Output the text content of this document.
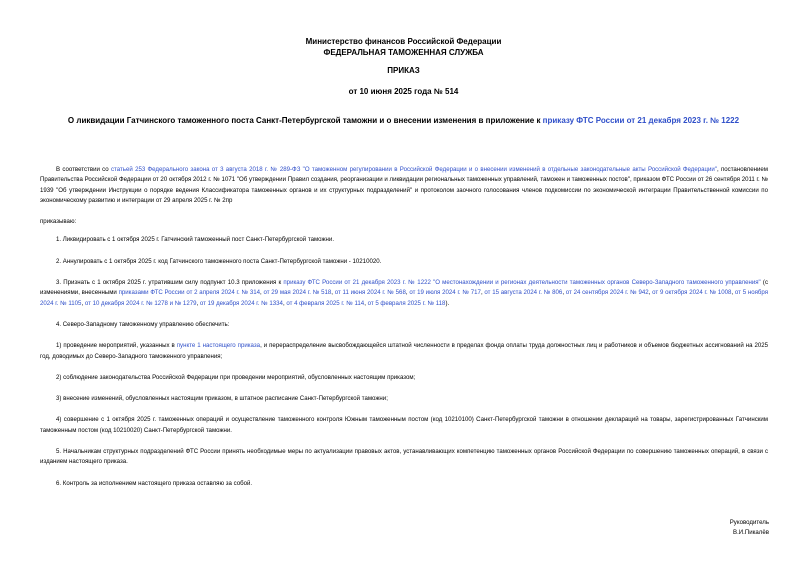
Министерство финансов Российской Федерации
ФЕДЕРАЛЬНАЯ ТАМОЖЕННАЯ СЛУЖБА
ПРИКАЗ
от 10 июня 2025 года № 514
О ликвидации Гатчинского таможенного поста Санкт-Петербургской таможни и о внесении изменения в приложение к приказу ФТС России от 21 декабря 2023 г. № 1222

В соответствии со статьей 253 Федерального закона от 3 августа 2018 г. № 289-ФЗ "О таможенном регулировании в Российской Федерации и о внесении изменений в отдельные законодательные акты Российской Федерации", постановлением Правительства Российской Федерации от 20 октября 2012 г. № 1071 "Об утверждении Правил создания, реорганизации и ликвидации региональных таможенных управлений, таможен и таможенных постов", приказом ФТС России от 26 сентября 2011 г. № 1939 "Об утверждении Инструкции о порядке ведения Классификатора таможенных органов и их структурных подразделений" и протоколом заочного голосования членов подкомиссии по экономической интеграции Правительственной комиссии по экономическому развитию и интеграции от 29 апреля 2025 г. № 2пр

приказываю:

1. Ликвидировать с 1 октября 2025 г. Гатчинский таможенный пост Санкт-Петербургской таможни.

2. Аннулировать с 1 октября 2025 г. код Гатчинского таможенного поста Санкт-Петербургской таможни - 10210020.

3. Признать с 1 октября 2025 г. утратившим силу подпункт 10.3 приложения к приказу ФТС России от 21 декабря 2023 г. № 1222 "О местонахождении и регионах деятельности таможенных органов Северо-Западного таможенного управления" (с изменениями, внесенными приказами ФТС России от 2 апреля 2024 г. № 314, от 29 мая 2024 г. № 518, от 11 июня 2024 г. № 568, от 19 июля 2024 г. № 717, от 15 августа 2024 г. № 806, от 24 сентября 2024 г. № 942, от 9 октября 2024 г. № 1008, от 5 ноября 2024 г. № 1105, от 10 декабря 2024 г. № 1278 и № 1279, от 19 декабря 2024 г. № 1334, от 4 февраля 2025 г. № 114, от 5 февраля 2025 г. № 118).

4. Северо-Западному таможенному управлению обеспечить:

1) проведение мероприятий, указанных в пункте 1 настоящего приказа, и перераспределение высвобождающейся штатной численности в пределах фонда оплаты труда должностных лиц и работников и объемов бюджетных ассигнований на 2025 год, доводимых до Северо-Западного таможенного управления;

2) соблюдение законодательства Российской Федерации при проведении мероприятий, обусловленных настоящим приказом;

3) внесение изменений, обусловленных настоящим приказом, в штатное расписание Санкт-Петербургской таможни;

4) совершение с 1 октября 2025 г. таможенных операций и осуществление таможенного контроля Южным таможенным постом (код 10210100) Санкт-Петербургской таможни в отношении деклараций на товары, зарегистрированных Гатчинским таможенным постом (код 10210020) Санкт-Петербургской таможни.

5. Начальникам структурных подразделений ФТС России принять необходимые меры по актуализации правовых актов, устанавливающих компетенцию таможенных органов Российской Федерации по совершению таможенных операций, в связи с изданием настоящего приказа.

6. Контроль за исполнением настоящего приказа оставляю за собой.

Руководитель
В.И.Пикалёв
